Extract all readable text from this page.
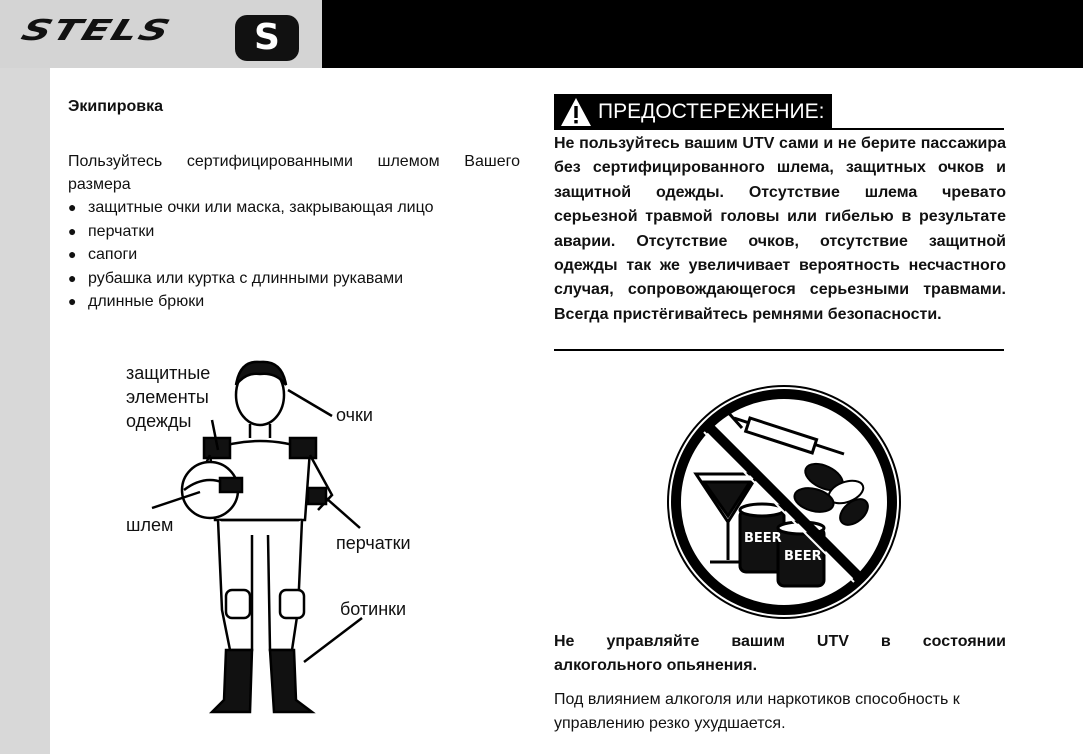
STELS	S
Экипировка
Пользуйтесь сертифицированными шлемом Вашего размера
● защитные очки или маска, закрывающая лицо
● перчатки
● сапоги
● рубашка или куртка с длинными рукавами
● длинные брюки
защитные
элементы
одежды	очки
шлем
перчатки
ботинки
ПРЕДОСТЕРЕЖЕНИЕ:
Не пользуйтесь вашим UTV сами и не берите пассажира без сертифицированного шлема, защитных очков и защитной одежды. Отсутствие шлема чревато серьезной травмой головы или гибелью в результате аварии. Отсутствие очков, отсутствие защитной одежды так же увеличивает вероятность несчастного случая, сопровождающегося серьезными травмами.
Всегда пристёгивайтесь ремнями безопасности.
BEER
BEER
Не управляйте вашим UTV в состоянии
алкогольного опьянения.
Под влиянием алкоголя или наркотиков способность к управлению резко ухудшается.
